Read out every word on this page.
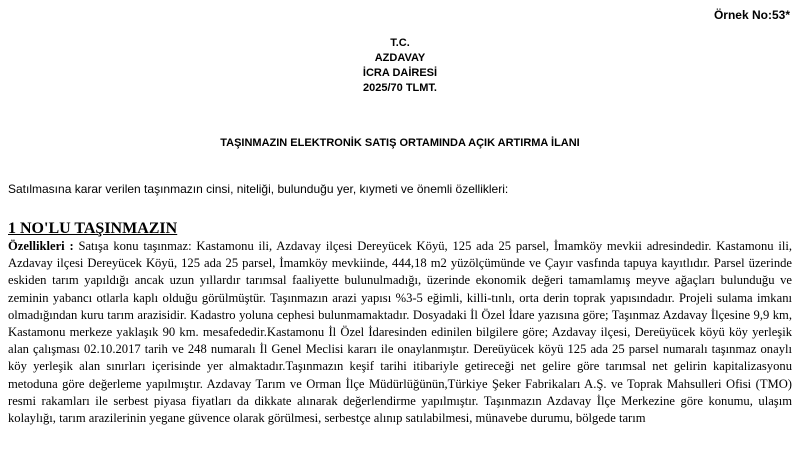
Örnek No:53*
T.C.
AZDAVAY
İCRA DAİRESİ
2025/70 TLMT.
TAŞINMAZIN ELEKTRONİK SATIŞ ORTAMINDA AÇIK ARTIRMA İLANI
Satılmasına karar verilen taşınmazın cinsi, niteliği, bulunduğu yer, kıymeti ve önemli özellikleri:
1 NO'LU TAŞINMAZIN

Özellikleri : Satışa konu taşınmaz: Kastamonu ili, Azdavay ilçesi Dereyücek Köyü, 125 ada 25 parsel, İmamköy mevkii adresindedir. Kastamonu ili, Azdavay ilçesi Dereyücek Köyü, 125 ada 25 parsel, İmamköy mevkiinde, 444,18 m2 yüzölçümünde ve Çayır vasfında tapuya kayıtlıdır. Parsel üzerinde eskiden tarım yapıldığı ancak uzun yıllardır tarımsal faaliyette bulunulmadığı, üzerinde ekonomik değeri tamamlamış meyve ağaçları bulunduğu ve zeminin yabancı otlarla kaplı olduğu görülmüştür. Taşınmazın arazi yapısı %3-5 eğimli, killi-tınlı, orta derin toprak yapısındadır. Projeli sulama imkanı olmadığından kuru tarım arazisidir. Kadastro yoluna cephesi bulunmamaktadır. Dosyadaki İl Özel İdare yazısına göre; Taşınmaz Azdavay İlçesine 9,9 km, Kastamonu merkeze yaklaşık 90 km. mesafededir.Kastamonu İl Özel İdaresinden edinilen bilgilere göre; Azdavay ilçesi, Dereüyücek köyü köy yerleşik alan çalışması 02.10.2017 tarih ve 248 numaralı İl Genel Meclisi kararı ile onaylanmıştır. Dereüyücek köyü 125 ada 25 parsel numaralı taşınmaz onaylı köy yerleşik alan sınırları içerisinde yer almaktadır.Taşınmazın keşif tarihi itibariyle getireceği net gelire göre tarımsal net gelirin kapitalizasyonu metoduna göre değerleme yapılmıştır. Azdavay Tarım ve Orman İlçe Müdürlüğünün,Türkiye Şeker Fabrikaları A.Ş. ve Toprak Mahsulleri Ofisi (TMO) resmi rakamları ile serbest piyasa fiyatları da dikkate alınarak değerlendirme yapılmıştır. Taşınmazın Azdavay İlçe Merkezine göre konumu, ulaşım kolaylığı, tarım arazilerinin yegane güvence olarak görülmesi, serbestçe alınıp satılabilmesi, münavebe durumu, bölgede tarım
